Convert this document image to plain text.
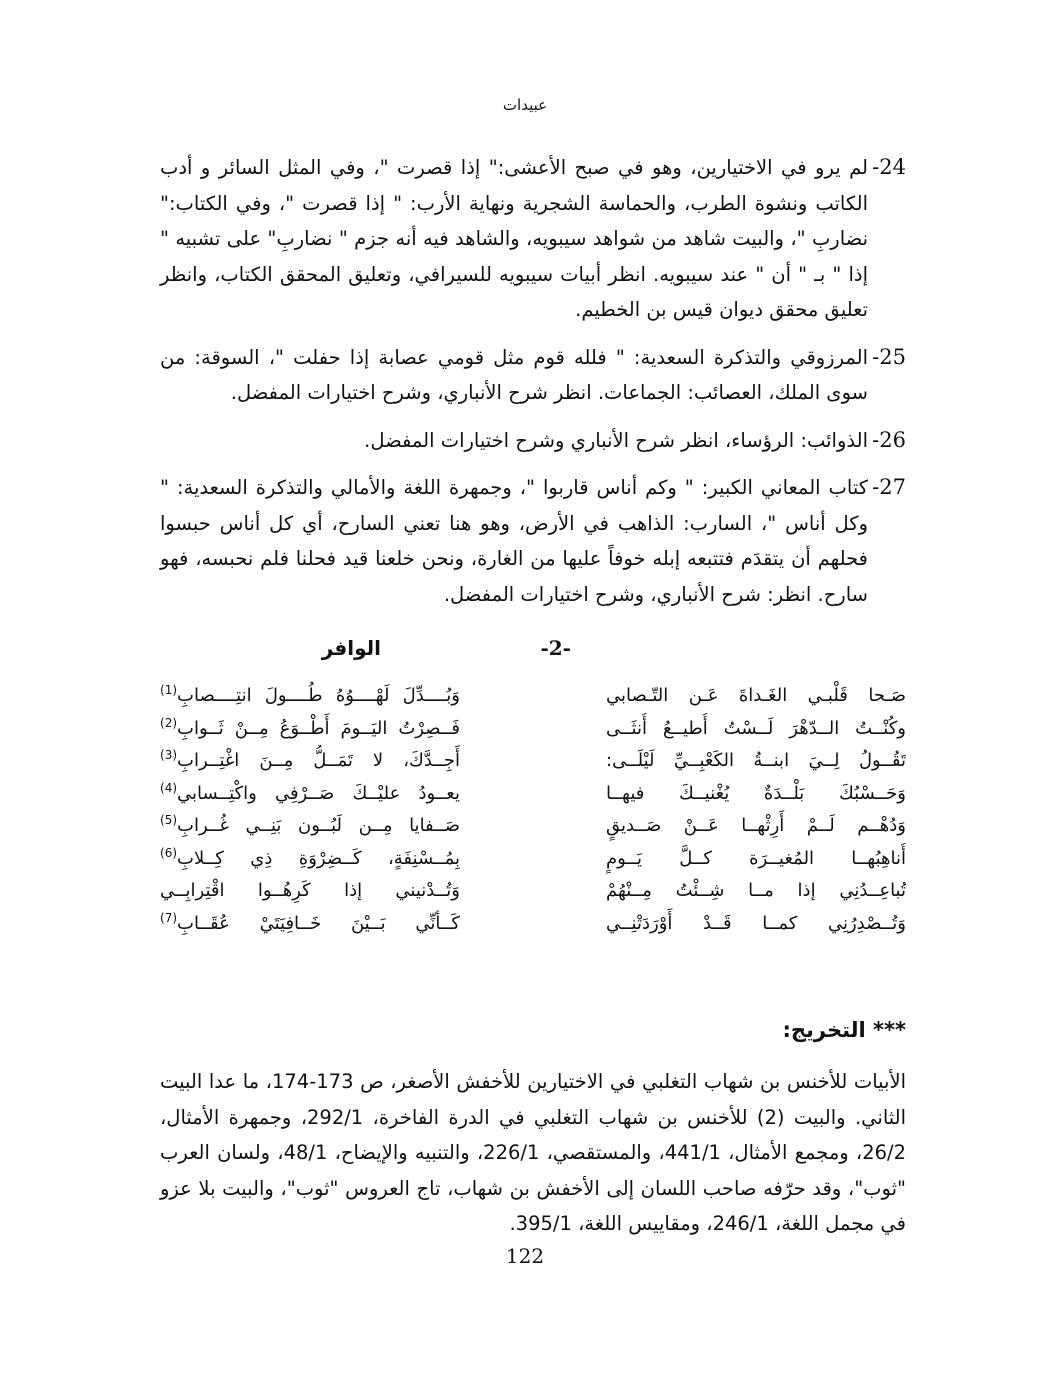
عبيدات
24-
لم يرو في الاختيارين، وهو في صبح الأعشى:" إذا قصرت "، وفي المثل السائر و أدب الكاتب ونشوة الطرب، والحماسة الشجرية ونهاية الأرب: " إذا قصرت "، وفي الكتاب:" نضاربِ "، والبيت شاهد من شواهد سيبويه، والشاهد فيه أنه جزم " نضاربِ" على تشبيه " إذا " بـ " أن " عند سيبويه. انظر أبيات سيبويه للسيرافي، وتعليق المحقق الكتاب، وانظر تعليق محقق ديوان قيس بن الخطيم.
25-
المرزوقي والتذكرة السعدية: " فلله قوم مثل قومي عصابة إذا حفلت "، السوقة: من سوى الملك، العصائب: الجماعات. انظر شرح الأنباري، وشرح اختيارات المفضل.
26-
الذوائب: الرؤساء، انظر شرح الأنباري وشرح اختيارات المفضل.
27-
كتاب المعاني الكبير: " وكم أناس قاربوا "، وجمهرة اللغة والأمالي والتذكرة السعدية: " وكل أناس "، السارب: الذاهب في الأرض، وهو هنا تعني السارح، أي كل أناس حبسوا فحلهم أن يتقدَم فتتبعه إبله خوفاً عليها من الغارة، ونحن خلعنا قيد فحلنا فلم نحبسه، فهو سارح. انظر: شرح الأنباري، وشرح اختيارات المفضل.
-2-
الوافر
صَـحا قَلْبـي الغَـداةَ عَـن التّـصابي
وَبُــــدِّلَ لَهْــــوُهُ طُــــولَ انتِــــصابِ$^{(1)}$
وكُنْــتُ الــدّهْرَ لَــسْتُ أُطيــعُ أُنثَــى
فَــصِرْتُ اليَــومَ أَطْــوَعُ مِــنْ ثَــوابِ$^{(2)}$
تَقُــولُ لِــيَ ابنــةُ الكَعْبِــيِّ لَيْلَــى:
أَجِــدَّكَ، لا تَمَــلُّ مِــنَ اغْتِــرابِ$^{(3)}$
وَحَــسْبُكَ بَلْــدَةٌ يُغْنيــكَ فيهــا
يعــودُ عليْــكَ صَــرْفِي واكْتِــسابي$^{(4)}$
وَدُهْــم لَــمْ أَرِثْهــا عَــنْ صَــديقٍ
صَــفايا مِــن لَبُــون بَنِــي غُــرابِ$^{(5)}$
أُناهِبُهــا المُغيــرَة كــلَّ يَــومٍ
بِمُــسْنِفَةٍ، كَــضِرْوَةِ ذِي كِــلابِ$^{(6)}$
تُباعِــدُنِي إذا مــا شِــئْتُ مِــنْهُمْ
وَتُــدْنيني إذا كَرِهُــوا اقْتِرابِــي
وَتُــصْدِرُنِي كمــا قَــدْ أَوْرَدَتْنِــي
كَــأنِّي بَــيْنَ خَــافِيَتَيْ عُقَــابِ$^{(7)}$
*** التخريج:

الأبيات للأخنس بن شهاب التغلبي في الاختيارين للأخفش الأصغر، ص 173-174، ما عدا البيت الثاني. والبيت (2) للأخنس بن شهاب التغلبي في الدرة الفاخرة، 292/1، وجمهرة الأمثال، 26/2، ومجمع الأمثال، 441/1، والمستقصي، 226/1، والتنبيه والإيضاح، 48/1، ولسان العرب "ثوب"، وقد حرّفه صاحب اللسان إلى الأخفش بن شهاب، تاج العروس "ثوب"، والبيت بلا عزو في مجمل اللغة، 246/1، ومقاييس اللغة، 395/1.

122
